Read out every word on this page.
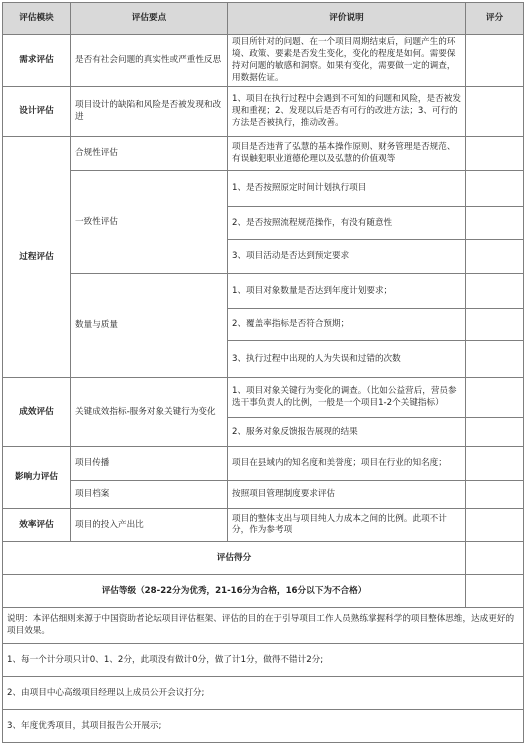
评估模块	评估要点	评价说明	评分
需求评估	是否有社会问题的真实性或严重性反思	项目所针对的问题、在一个项目周期结束后，问题产生的环境、政策、要素是否发生变化，变化的程度是如何。需要保持对问题的敏感和洞察。如果有变化，需要做一定的调查，用数据佐证。	
设计评估	项目设计的缺陷和风险是否被发现和改进	1、项目在执行过程中会遇到不可知的问题和风险，是否被发现和重视；2、发现以后是否有可行的改进方法；3、可行的方法是否被执行，推动改善。	
过程评估	合规性评估	项目是否违背了弘慧的基本操作原则、财务管理是否规范、有误触犯职业道德伦理以及弘慧的价值观等	
	一致性评估	1、是否按照原定时间计划执行项目	
		2、是否按照流程规范操作，有没有随意性	
		3、项目活动是否达到预定要求	
	数量与质量	1、项目对象数量是否达到年度计划要求；	
		2、覆盖率指标是否符合预期；	
		3、执行过程中出现的人为失误和过错的次数	
成效评估	关键成效指标-服务对象关键行为变化	1、项目对象关键行为变化的调查。（比如公益营后，营员参选干事负责人的比例，一般是一个项目1-2个关键指标）	
		2、服务对象反馈报告展现的结果	
影响力评估	项目传播	项目在县域内的知名度和美誉度；项目在行业的知名度；	
	项目档案	按照项目管理制度要求评估	
效率评估	项目的投入产出比	项目的整体支出与项目纯人力成本之间的比例。此项不计分，作为参考项	
评估得分			
评估等级（28-22分为优秀，21-16分为合格，16分以下为不合格）			
说明：本评估细则来源于中国资助者论坛项目评估框架、评估的目的在于引导项目工作人员熟练掌握科学的项目整体思维，达成更好的项目效果。			
1、每一个计分项只计0、1、2分，此项没有做计0分，做了计1分，做得不错计2分;			
2、由项目中心高级项目经理以上成员公开会议打分;			
3、年度优秀项目，其项目报告公开展示;			
